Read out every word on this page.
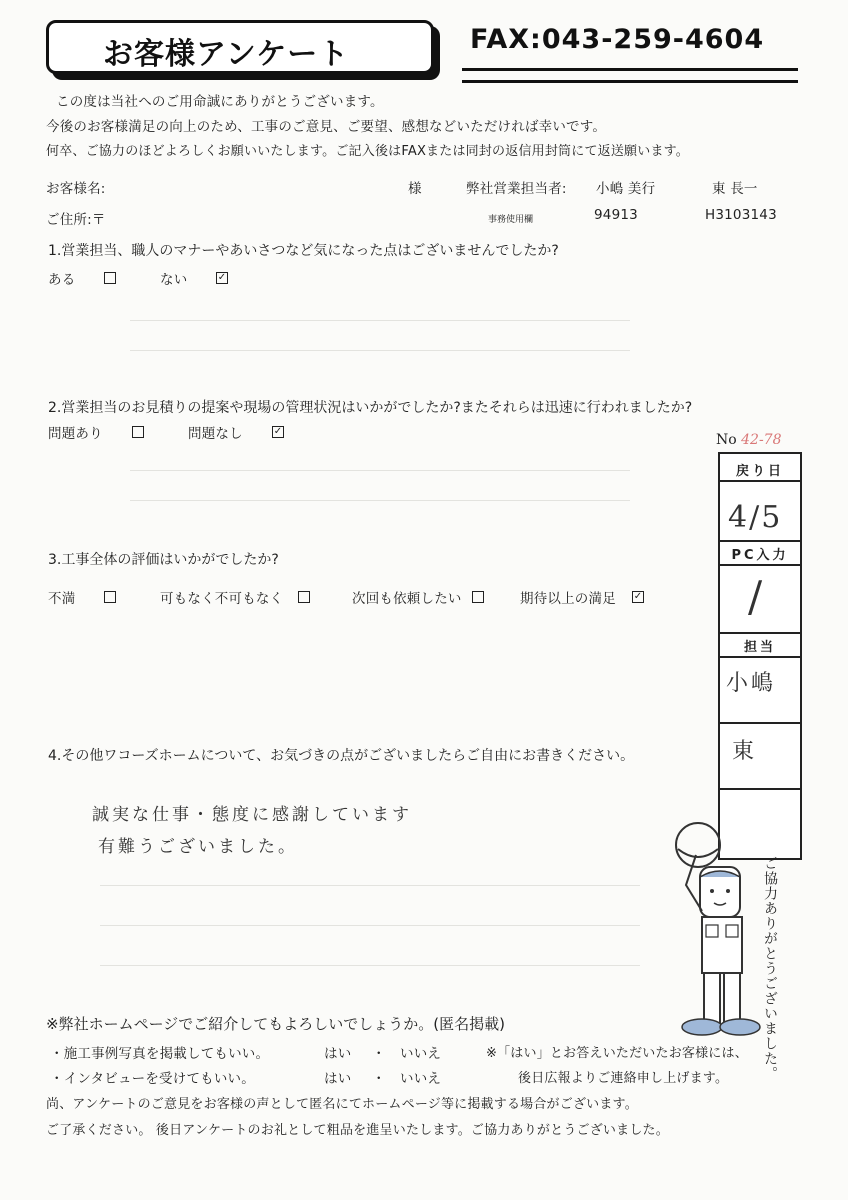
お客様アンケート	FAX:043-259-4604
この度は当社へのご用命誠にありがとうございます。
今後のお客様満足の向上のため、工事のご意見、ご要望、感想などいただければ幸いです。
何卒、ご協力のほどよろしくお願いいたします。ご記入後はFAXまたは同封の返信用封筒にて返送願います。
お客様名:	様	弊社営業担当者: 小嶋 美行	東 長一
ご住所:〒	事務使用欄	94913	H3103143
1.営業担当、職人のマナーやあいさつなど気になった点はございませんでしたか?
ある	ない	✓
2.営業担当のお見積りの提案や現場の管理状況はいかがでしたか?またそれらは迅速に行われましたか?
問題あり	問題なし	✓
3.工事全体の評価はいかがでしたか?
不満	可もなく不可もなく	次回も依頼したい	期待以上の満足 ✓
4.その他ワコーズホームについて、お気づきの点がございましたらご自由にお書きください。
誠実な仕事・態度に感謝しています
有難うございました。
No 42-78
戻り日
4/5
PC入力
/
担当
小嶋
東
ご協力ありがとうございました。
※弊社ホームページでご紹介してもよろしいでしょうか。(匿名掲載)
・施工事例写真を掲載してもいい。	はい ・ いいえ	※「はい」とお答えいただいたお客様には、
・インタビューを受けてもいい。	はい ・ いいえ	後日広報よりご連絡申し上げます。
尚、アンケートのご意見をお客様の声として匿名にてホームページ等に掲載する場合がございます。
ご了承ください。 後日アンケートのお礼として粗品を進呈いたします。ご協力ありがとうございました。
